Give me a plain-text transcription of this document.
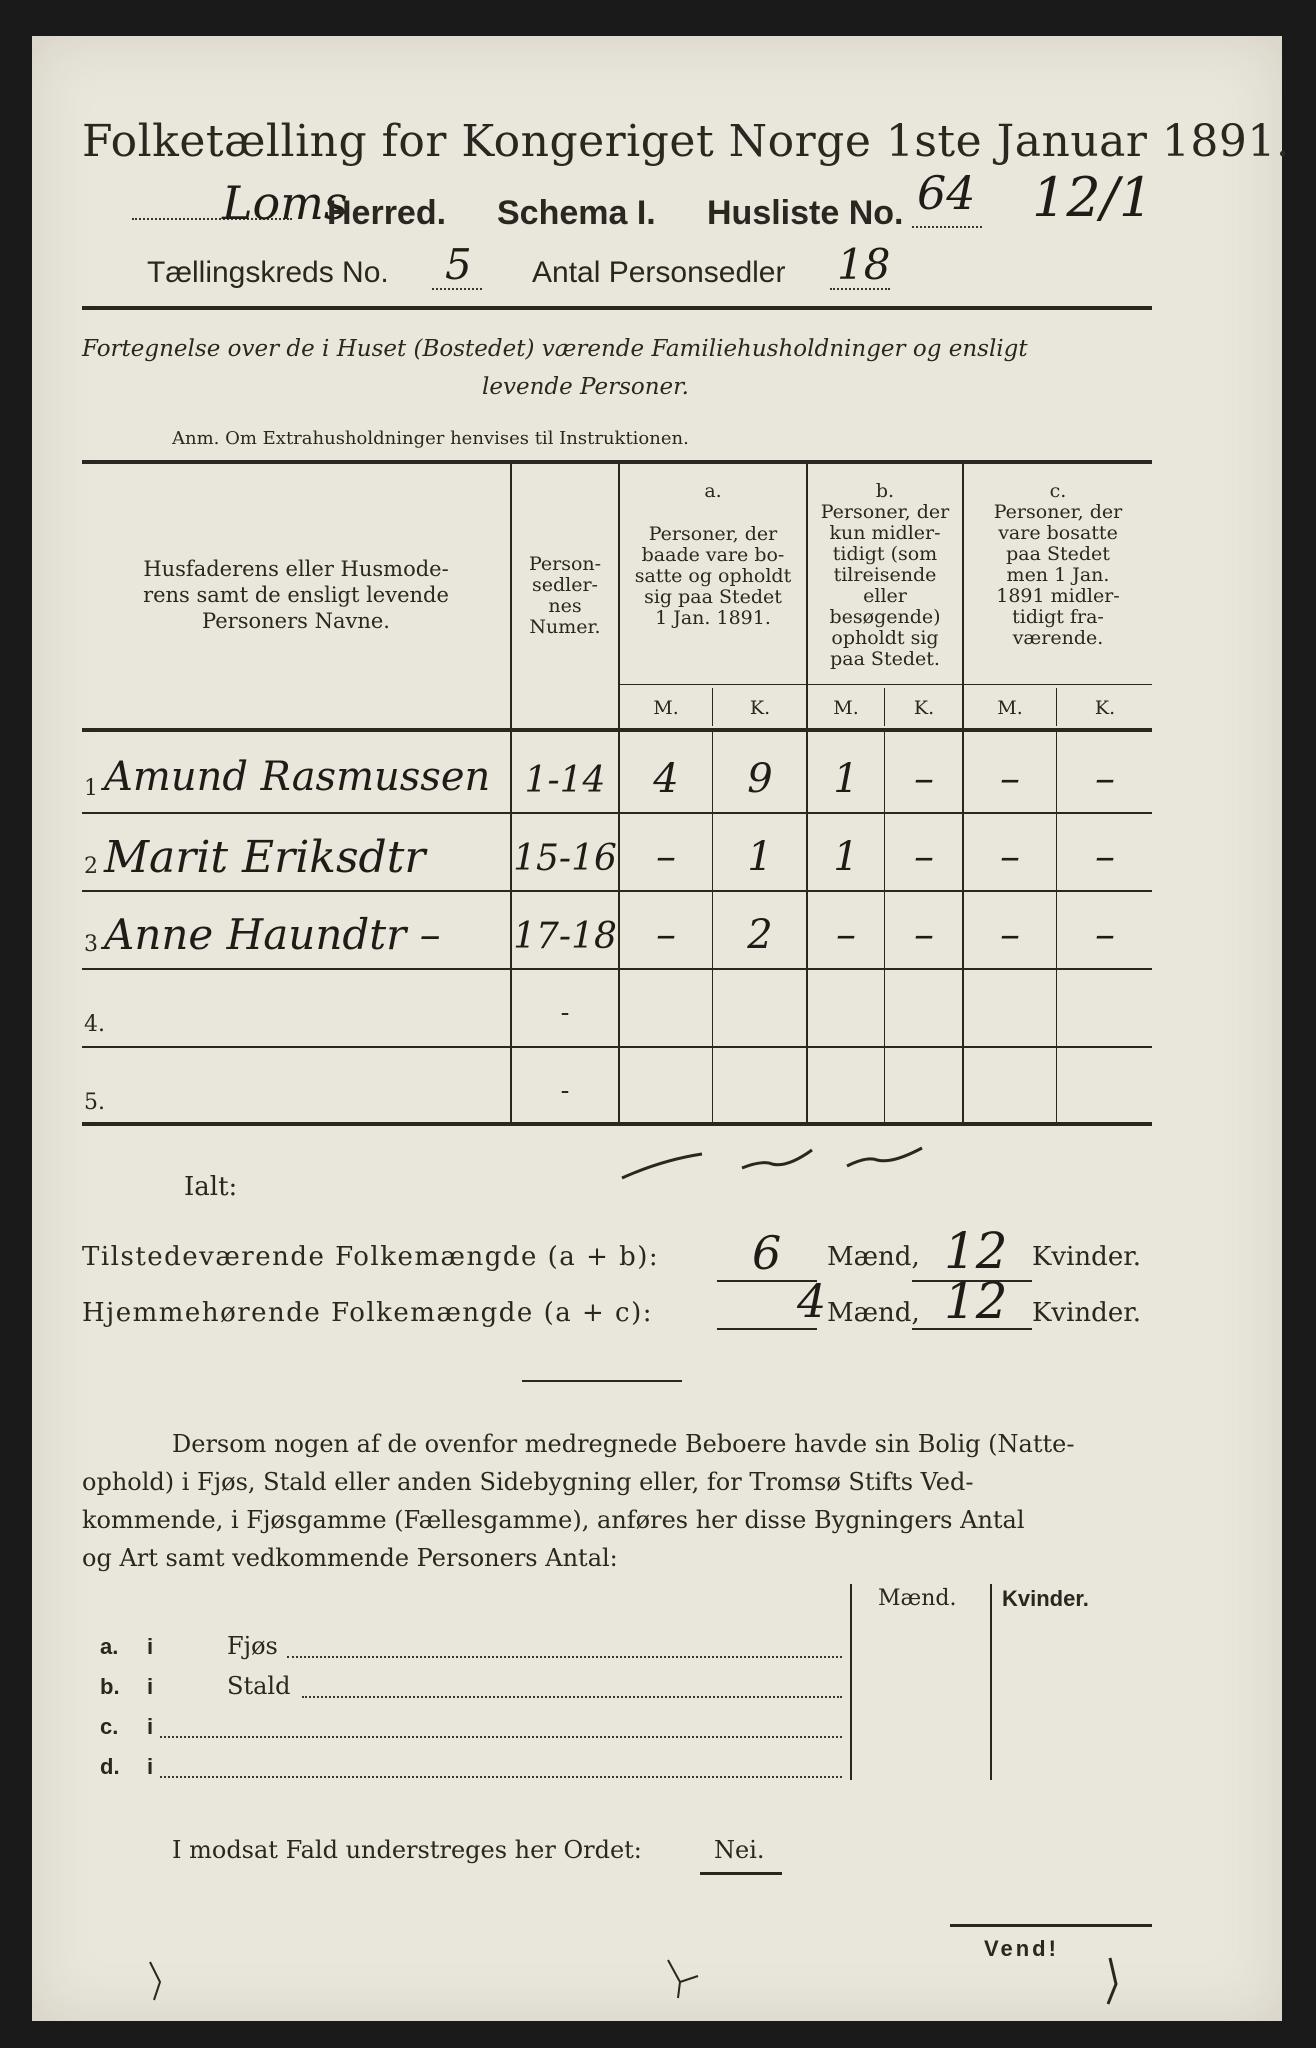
Folketælling for Kongeriget Norge 1ste Januar 1891.
Loms
Herred. Schema I. Husliste No. 64 12/1
Tællingskreds No. 5 Antal Personsedler 18
Fortegnelse over de i Huset (Bostedet) værende Familiehusholdninger og ensligt
levende Personer.
Anm. Om Extrahusholdninger henvises til Instruktionen.
Husfaderens eller Husmode-
rens samt de ensligt levende
Personers Navne.
Person-
sedler-
nes
Numer.
a.
Personer, der
baade vare bo-
satte og opholdt
sig paa Stedet
1 Jan. 1891.
b.
Personer, der
kun midler-
tidigt (som
tilreisende
eller
besøgende)
opholdt sig
paa Stedet.
c.
Personer, der
vare bosatte
paa Stedet
men 1 Jan.
1891 midler-
tidigt fra-
værende.
M.	K.	M.	K.	M.	K.
1 Amund Rasmussen 1-14	4	9	1	–	–	–
2 Marit Eriksdtr 15-16 –	1	1	–	–	–
3 Anne Haundtr – 17-18 –	2	–	–	–	–
4.	-
5.	-
Ialt:
Tilstedeværende Folkemængde (a + b): 6 Mænd, 12 Kvinder.
Hjemmehørende Folkemængde (a + c):	4 Mænd, 12 Kvinder.
Dersom nogen af de ovenfor medregnede Beboere havde sin Bolig (Natte-
ophold) i Fjøs, Stald eller anden Sidebygning eller, for Tromsø Stifts Ved-
kommende, i Fjøsgamme (Fællesgamme), anføres her disse Bygningers Antal
og Art samt vedkommende Personers Antal:
Mænd. Kvinder.
a. i	Fjøs
b. i	Stald
c. i
d. i
I modsat Fald understreges her Ordet:	Nei.
Vend!
